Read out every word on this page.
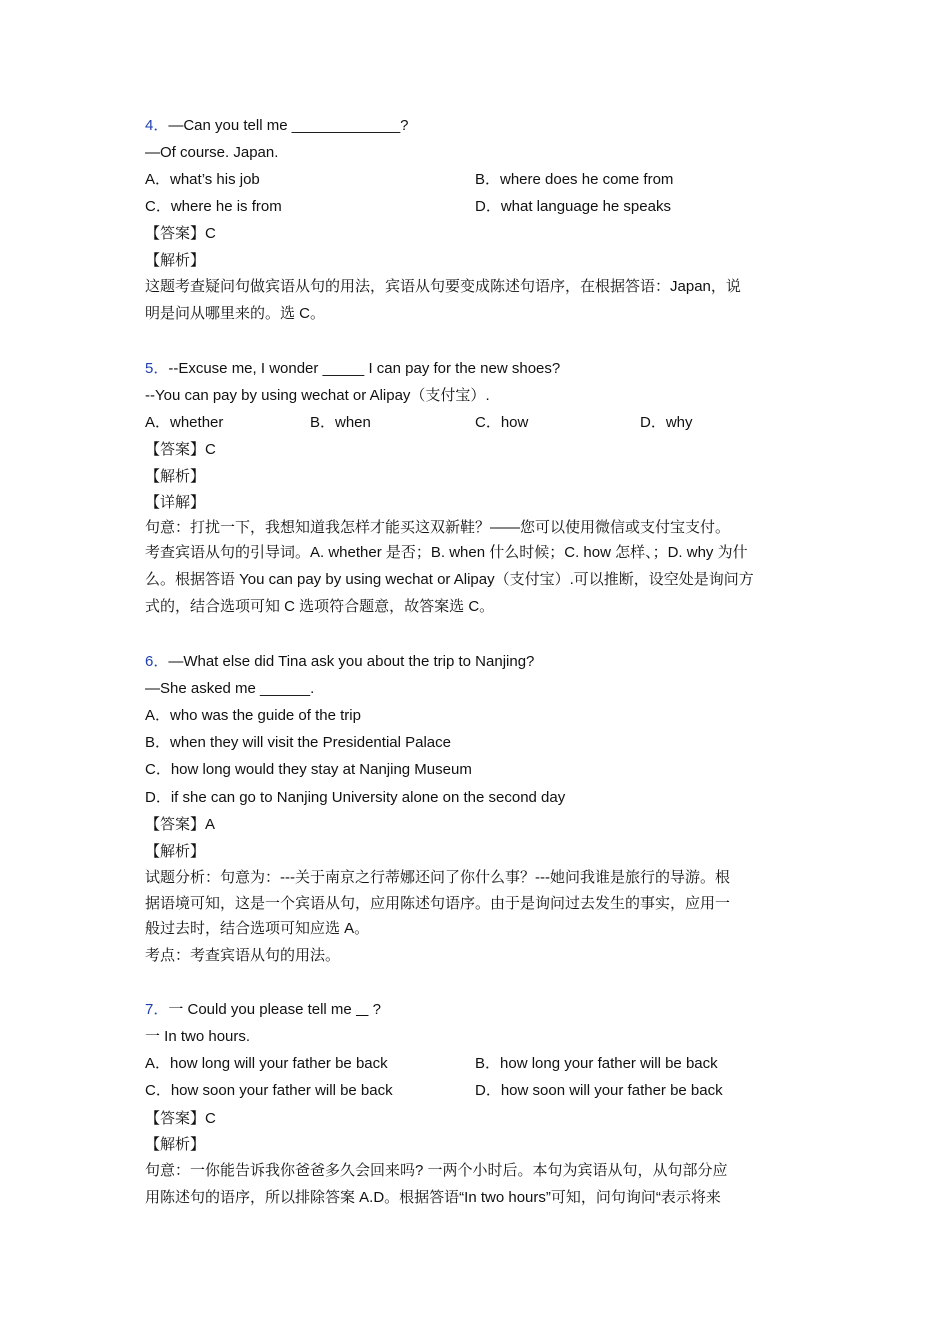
4．—Can you tell me _____________?
—Of course. Japan.
A．what’s his job	B．where does he come from
C．where he is from	D．what language he speaks
【答案】C
【解析】
这题考查疑问句做宾语从句的用法，宾语从句要变成陈述句语序，在根据答语：Japan，说
明是问从哪里来的。选 C。
5．--Excuse me, I wonder _____ I can pay for the new shoes?
--You can pay by using wechat or Alipay（支付宝）.
A．whether	B．when	C．how	D．why
【答案】C
【解析】
【详解】
句意：打扰一下，我想知道我怎样才能买这双新鞋？——您可以使用微信或支付宝支付。
考查宾语从句的引导词。A. whether 是否；B. when 什么时候；C. how 怎样、；D. why 为什
么。根据答语 You can pay by using wechat or Alipay（支付宝）.可以推断，设空处是询问方
式的，结合选项可知 C 选项符合题意，故答案选 C。
6．—What else did Tina ask you about the trip to Nanjing?
—She asked me ______.
A．who was the guide of the trip
B．when they will visit the Presidential Palace
C．how long would they stay at Nanjing Museum
D．if she can go to Nanjing University alone on the second day
【答案】A
【解析】
试题分析：句意为：---关于南京之行蒂娜还问了你什么事？---她问我谁是旅行的导游。根
据语境可知，这是一个宾语从句，应用陈述句语序。由于是询问过去发生的事实，应用一
般过去时，结合选项可知应选 A。
考点：考查宾语从句的用法。
7．一 Could you please tell me     ?
一 In two hours.
A．how long will your father be back	B．how long your father will be back
C．how soon your father will be back	D．how soon will your father be back
【答案】C
【解析】
句意：一你能告诉我你爸爸多久会回来吗? 一两个小时后。本句为宾语从句，从句部分应
用陈述句的语序，所以排除答案 A.D。根据答语“In two hours”可知，问句询问“表示将来
